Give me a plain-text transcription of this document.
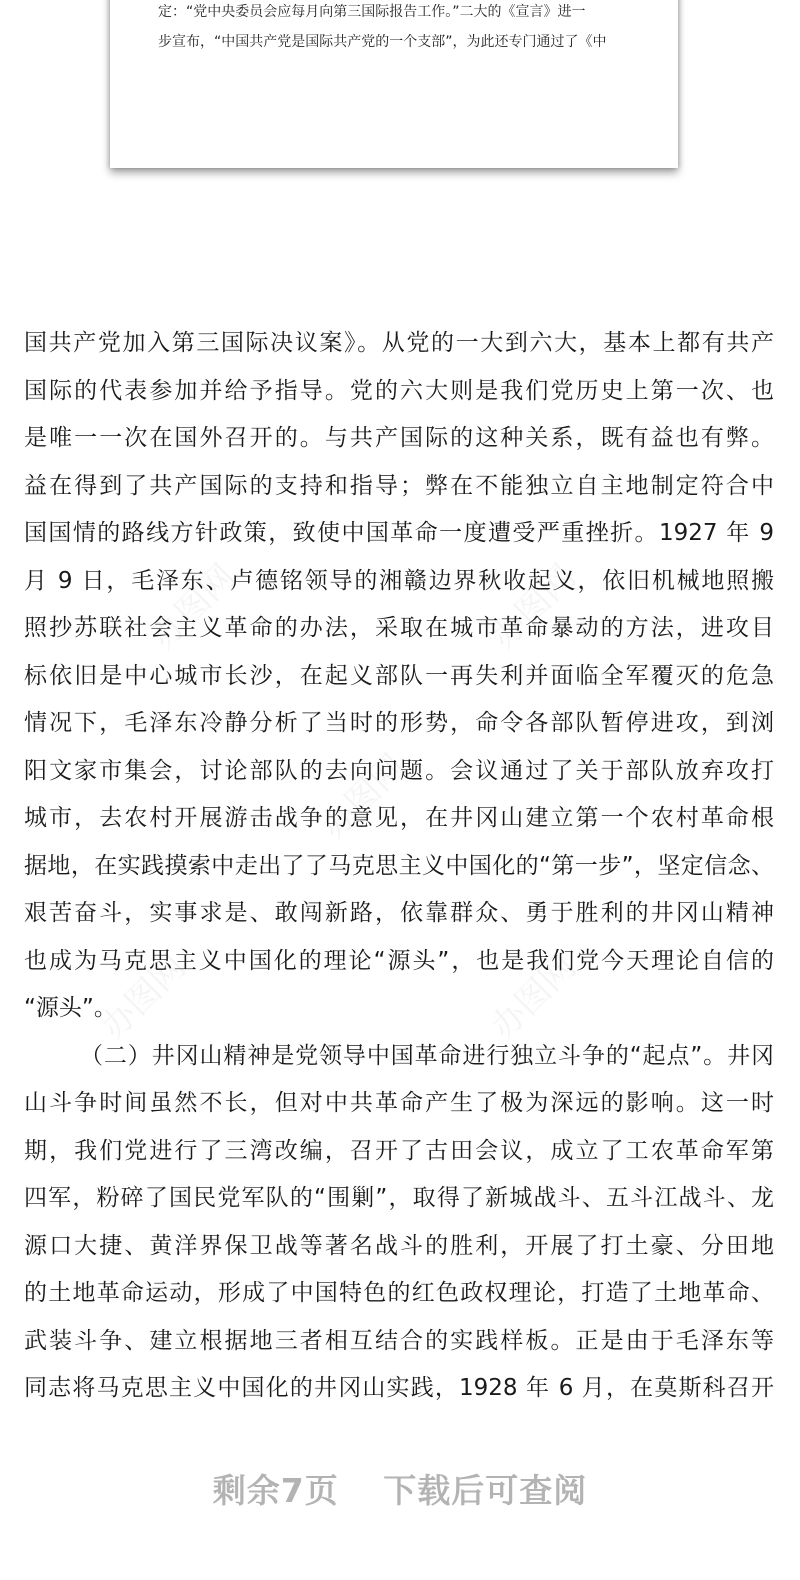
定：“党中央委员会应每月向第三国际报告工作。”二大的《宣言》进一
步宣布，“中国共产党是国际共产党的一个支部”，为此还专门通过了《中
办图网	办图网
办图网
办图网	办图网
国共产党加入第三国际决议案》。从党的一大到六大，基本上都有共产
国际的代表参加并给予指导。党的六大则是我们党历史上第一次、也
是唯一一次在国外召开的。与共产国际的这种关系，既有益也有弊。
益在得到了共产国际的支持和指导；弊在不能独立自主地制定符合中
国国情的路线方针政策，致使中国革命一度遭受严重挫折。1927 年 9
月 9 日，毛泽东、卢德铭领导的湘赣边界秋收起义，依旧机械地照搬
照抄苏联社会主义革命的办法，采取在城市革命暴动的方法，进攻目
标依旧是中心城市长沙，在起义部队一再失利并面临全军覆灭的危急
情况下，毛泽东冷静分析了当时的形势，命令各部队暂停进攻，到浏
阳文家市集会，讨论部队的去向问题。会议通过了关于部队放弃攻打
城市，去农村开展游击战争的意见，在井冈山建立第一个农村革命根
据地，在实践摸索中走出了了马克思主义中国化的“第一步”，坚定信念、
艰苦奋斗，实事求是、敢闯新路，依靠群众、勇于胜利的井冈山精神
也成为马克思主义中国化的理论“源头”，也是我们党今天理论自信的
“源头”。
（二）井冈山精神是党领导中国革命进行独立斗争的“起点”。井冈
山斗争时间虽然不长，但对中共革命产生了极为深远的影响。这一时
期，我们党进行了三湾改编，召开了古田会议，成立了工农革命军第
四军，粉碎了国民党军队的“围剿”，取得了新城战斗、五斗江战斗、龙
源口大捷、黄洋界保卫战等著名战斗的胜利，开展了打土豪、分田地
的土地革命运动，形成了中国特色的红色政权理论，打造了土地革命、
武装斗争、建立根据地三者相互结合的实践样板。正是由于毛泽东等
同志将马克思主义中国化的井冈山实践，1928 年 6 月，在莫斯科召开
剩余7页 下载后可查阅
